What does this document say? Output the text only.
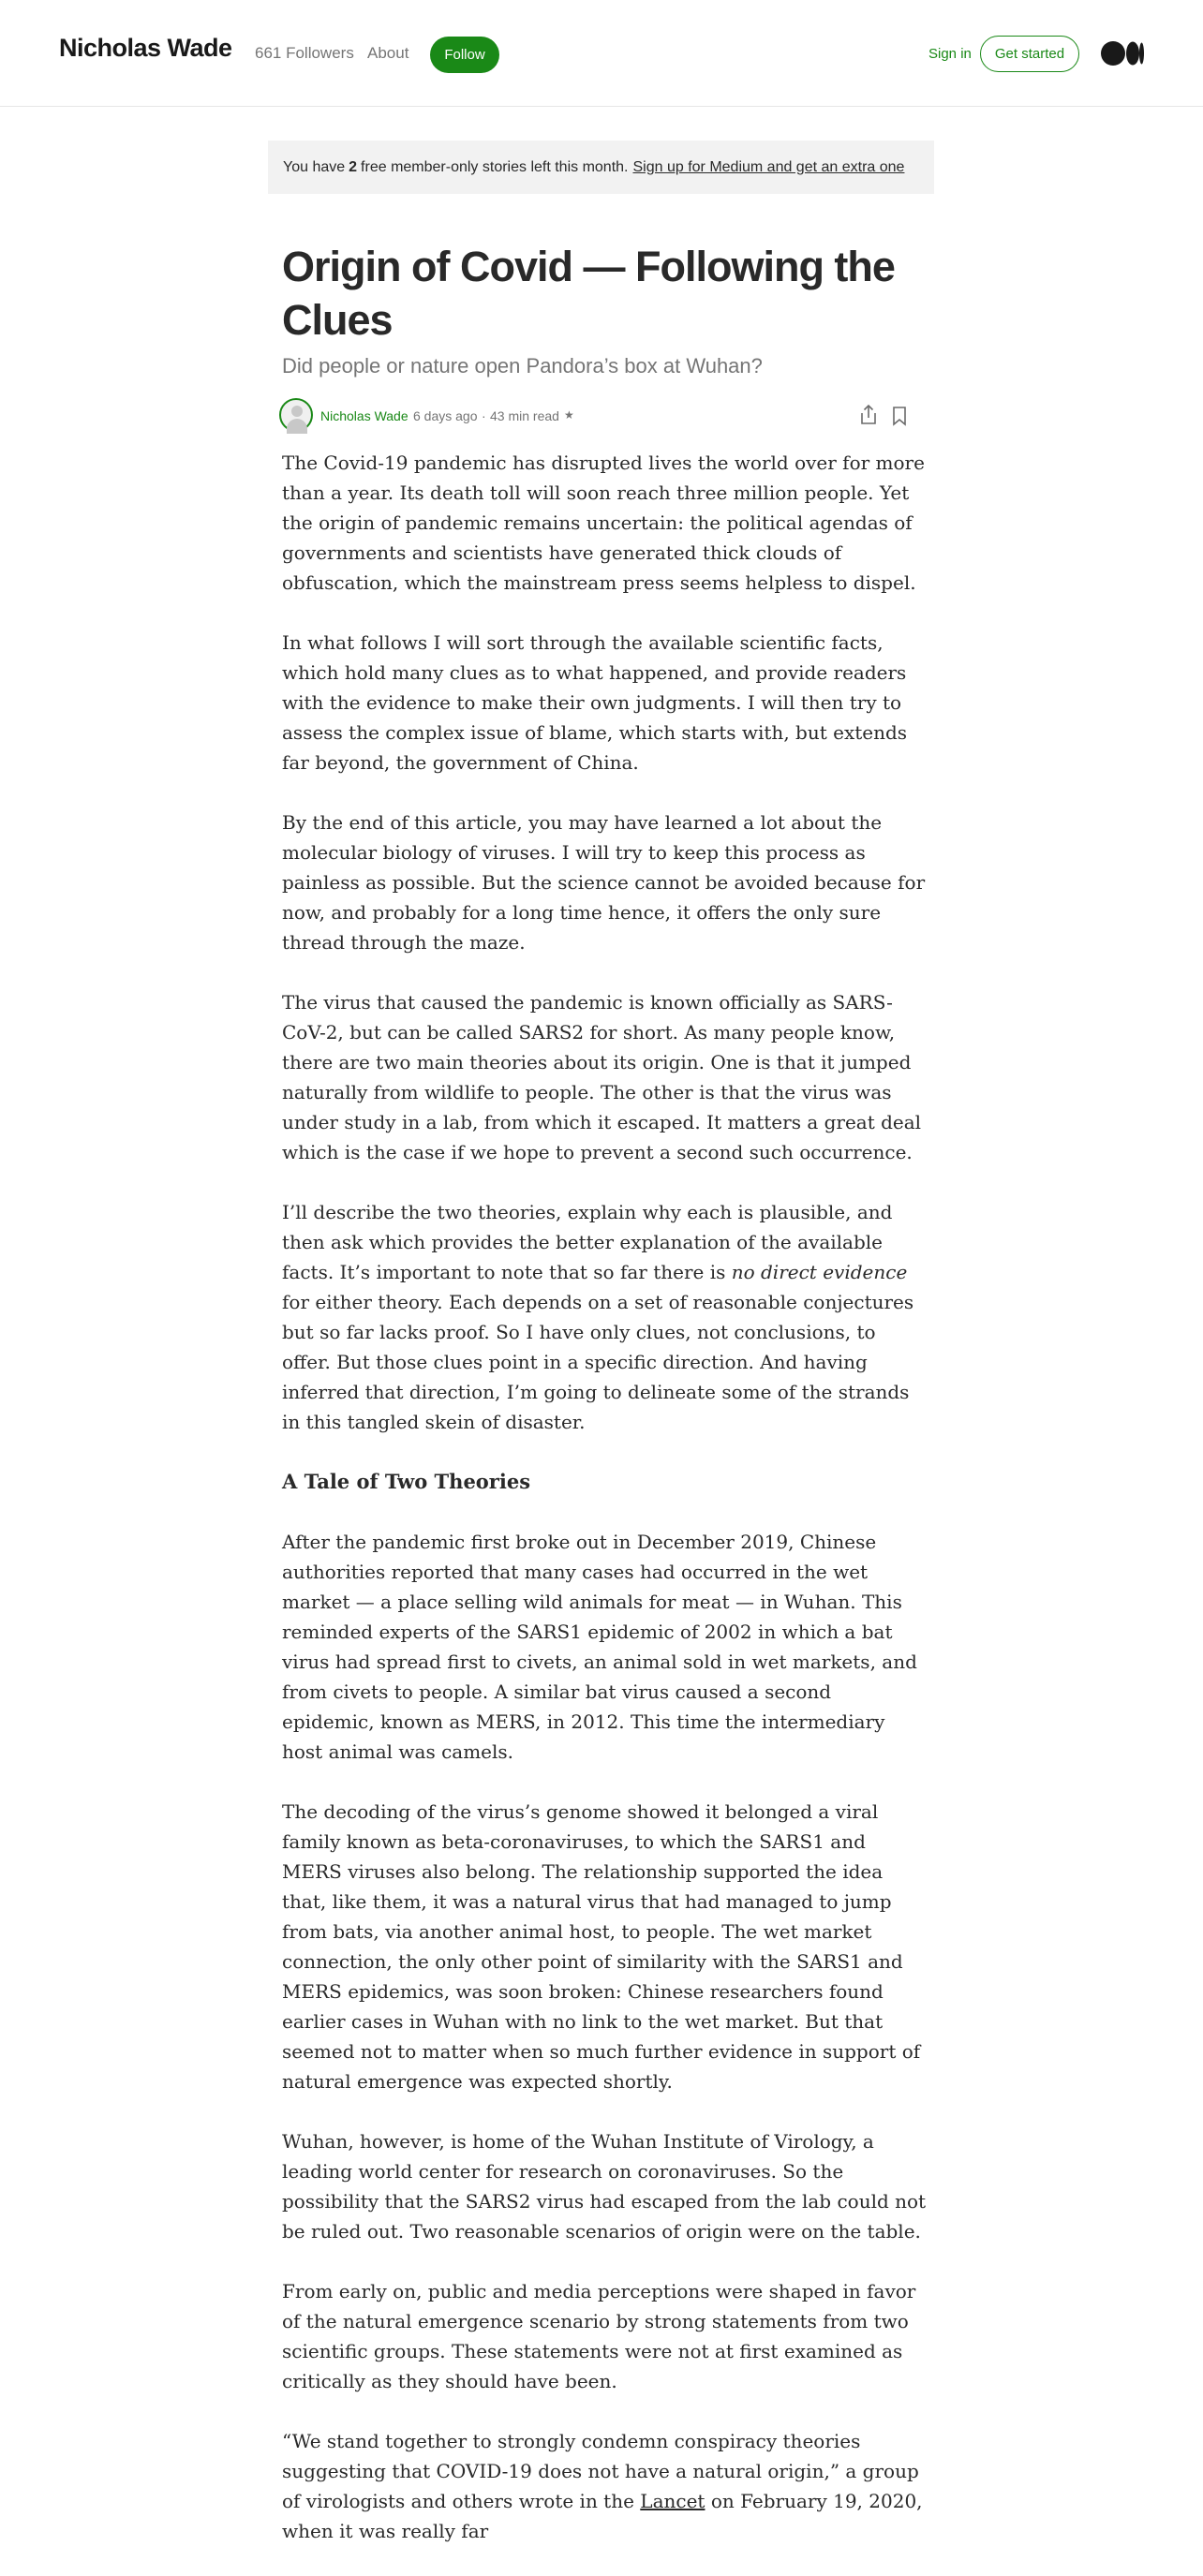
Nicholas Wade 661 Followers About	Follow	Sign in	Get started
You have 2 free member-only stories left this month. Sign up for Medium and get an extra one
Origin of Covid — Following the Clues
Did people or nature open Pandora’s box at Wuhan?
Nicholas Wade 6 days ago · 43 min read ★

The Covid-19 pandemic has disrupted lives the world over for more than a year. Its death toll will soon reach three million people. Yet the origin of pandemic remains uncertain: the political agendas of governments and scientists have generated thick clouds of obfuscation, which the mainstream press seems helpless to dispel.

In what follows I will sort through the available scientific facts, which hold many clues as to what happened, and provide readers with the evidence to make their own judgments. I will then try to assess the complex issue of blame, which starts with, but extends far beyond, the government of China.

By the end of this article, you may have learned a lot about the molecular biology of viruses. I will try to keep this process as painless as possible. But the science cannot be avoided because for now, and probably for a long time hence, it offers the only sure thread through the maze.

The virus that caused the pandemic is known officially as SARS-CoV-2, but can be called SARS2 for short. As many people know, there are two main theories about its origin. One is that it jumped naturally from wildlife to people. The other is that the virus was under study in a lab, from which it escaped. It matters a great deal which is the case if we hope to prevent a second such occurrence.

I’ll describe the two theories, explain why each is plausible, and then ask which provides the better explanation of the available facts. It’s important to note that so far there is no direct evidence for either theory. Each depends on a set of reasonable conjectures but so far lacks proof. So I have only clues, not conclusions, to offer. But those clues point in a specific direction. And having inferred that direction, I’m going to delineate some of the strands in this tangled skein of disaster.

A Tale of Two Theories

After the pandemic first broke out in December 2019, Chinese authorities reported that many cases had occurred in the wet market — a place selling wild animals for meat — in Wuhan. This reminded experts of the SARS1 epidemic of 2002 in which a bat virus had spread first to civets, an animal sold in wet markets, and from civets to people. A similar bat virus caused a second epidemic, known as MERS, in 2012. This time the intermediary host animal was camels.

The decoding of the virus’s genome showed it belonged a viral family known as beta-coronaviruses, to which the SARS1 and MERS viruses also belong. The relationship supported the idea that, like them, it was a natural virus that had managed to jump from bats, via another animal host, to people. The wet market connection, the only other point of similarity with the SARS1 and MERS epidemics, was soon broken: Chinese researchers found earlier cases in Wuhan with no link to the wet market. But that seemed not to matter when so much further evidence in support of natural emergence was expected shortly.

Wuhan, however, is home of the Wuhan Institute of Virology, a leading world center for research on coronaviruses. So the possibility that the SARS2 virus had escaped from the lab could not be ruled out. Two reasonable scenarios of origin were on the table.

From early on, public and media perceptions were shaped in favor of the natural emergence scenario by strong statements from two scientific groups. These statements were not at first examined as critically as they should have been.

“We stand together to strongly condemn conspiracy theories suggesting that COVID-19 does not have a natural origin,” a group of virologists and others wrote in the Lancet on February 19, 2020, when it was really far
